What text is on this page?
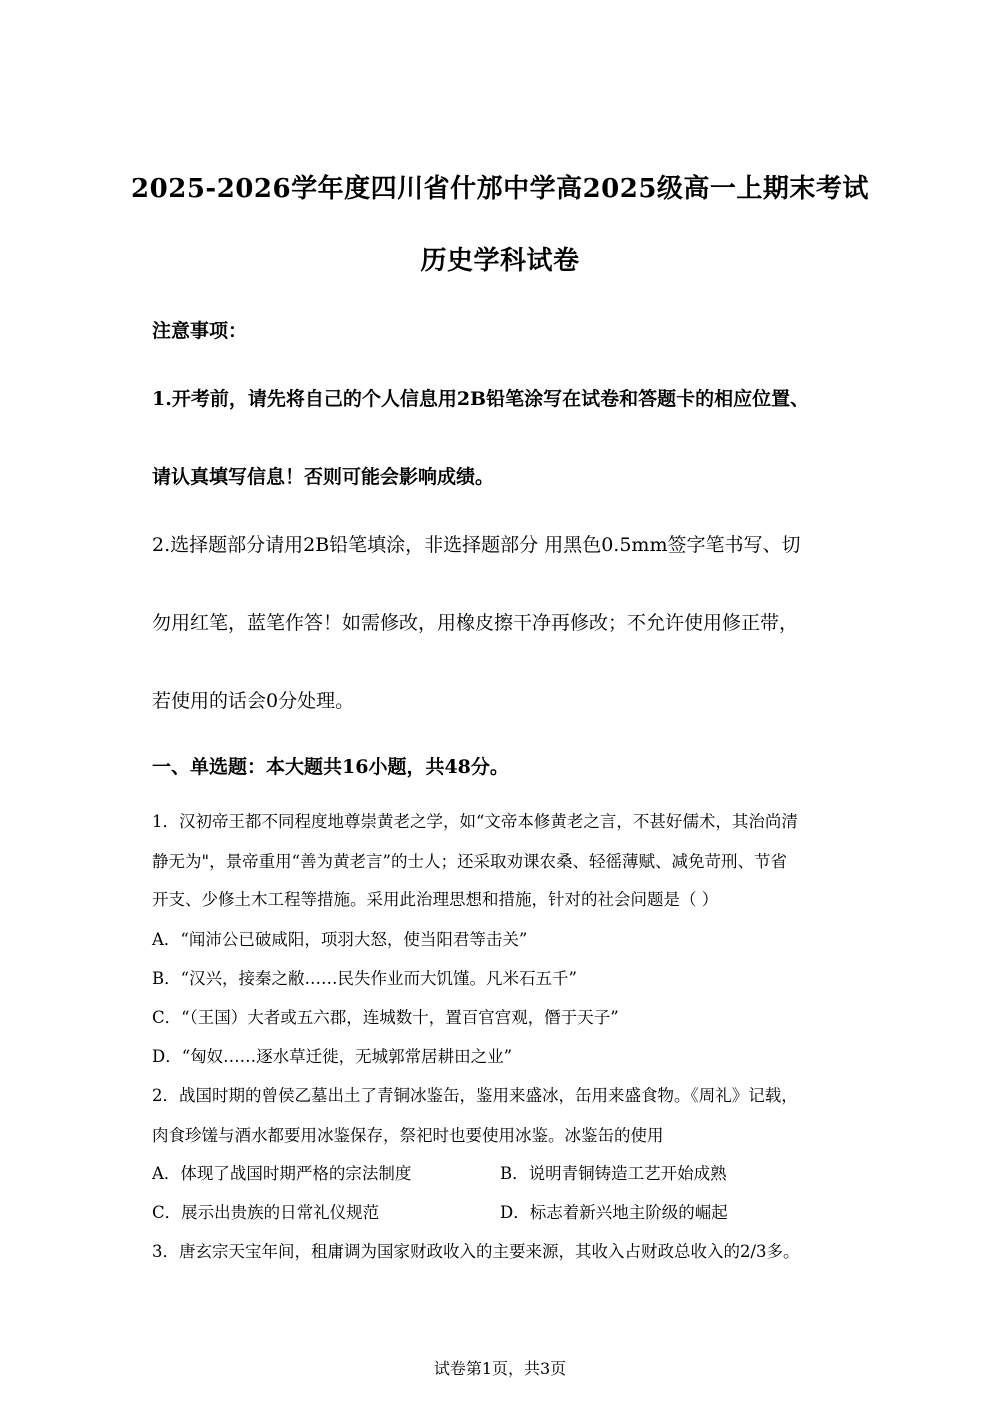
2025-2026学年度四川省什邡中学高2025级高一上期末考试
历史学科试卷
注意事项：
1.开考前，请先将自己的个人信息用2B铅笔涂写在试卷和答题卡的相应位置、
请认真填写信息！否则可能会影响成绩。
2.选择题部分请用2B铅笔填涂，非选择题部分 用黑色0.5mm签字笔书写、切
勿用红笔，蓝笔作答！如需修改，用橡皮擦干净再修改；不允许使用修正带，
若使用的话会0分处理。
一、单选题：本大题共16小题，共48分。
1．汉初帝王都不同程度地尊崇黄老之学，如“文帝本修黄老之言，不甚好儒术，其治尚清
静无为"，景帝重用“善为黄老言”的士人；还采取劝课农桑、轻徭薄赋、减免苛刑、节省
开支、少修土木工程等措施。采用此治理思想和措施，针对的社会问题是（ ）
A．“闻沛公已破咸阳，项羽大怒，使当阳君等击关”
B．“汉兴，接秦之敝……民失作业而大饥馑。凡米石五千”
C．“（王国）大者或五六郡，连城数十，置百官宫观，僭于天子”
D．“匈奴……逐水草迁徙，无城郭常居耕田之业”
2．战国时期的曾侯乙墓出土了青铜冰鉴缶，鉴用来盛冰，缶用来盛食物。《周礼》记载，
肉食珍馐与酒水都要用冰鉴保存，祭祀时也要使用冰鉴。冰鉴缶的使用
A．体现了战国时期严格的宗法制度	B．说明青铜铸造工艺开始成熟
C．展示出贵族的日常礼仪规范	D．标志着新兴地主阶级的崛起
3．唐玄宗天宝年间，租庸调为国家财政收入的主要来源，其收入占财政总收入的2/3多。
试卷第1页，共3页
